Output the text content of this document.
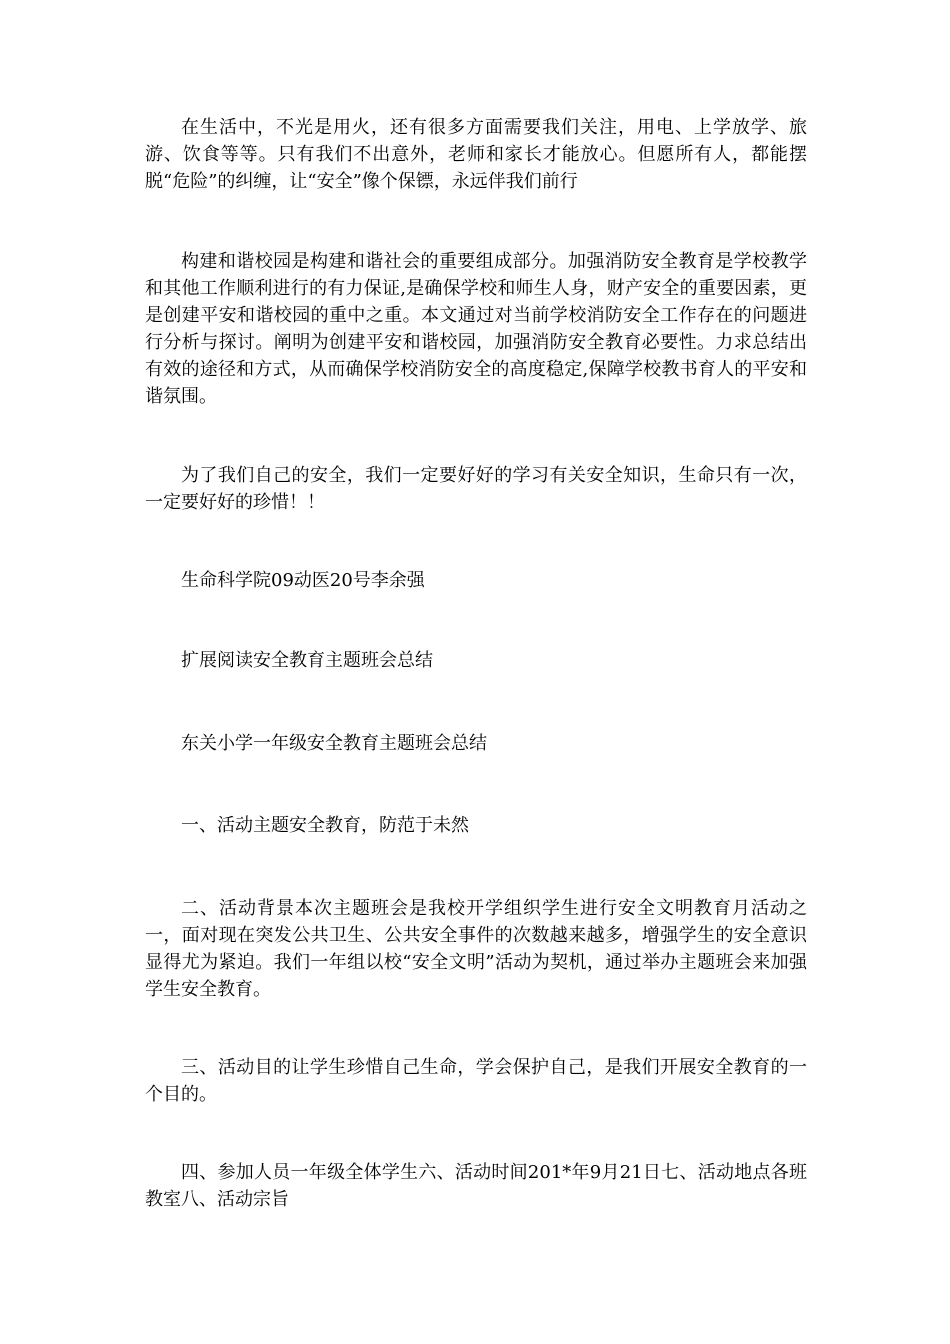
在生活中，不光是用火，还有很多方面需要我们关注，用电、上学放学、旅游、饮食等等。只有我们不出意外，老师和家长才能放心。但愿所有人，都能摆脱“危险”的纠缠，让“安全”像个保镖，永远伴我们前行

构建和谐校园是构建和谐社会的重要组成部分。加强消防安全教育是学校教学和其他工作顺利进行的有力保证,是确保学校和师生人身，财产安全的重要因素，更是创建平安和谐校园的重中之重。本文通过对当前学校消防安全工作存在的问题进行分析与探讨。阐明为创建平安和谐校园，加强消防安全教育必要性。力求总结出有效的途径和方式，从而确保学校消防安全的高度稳定,保障学校教书育人的平安和谐氛围。

为了我们自己的安全，我们一定要好好的学习有关安全知识，生命只有一次，一定要好好的珍惜！！

生命科学院09动医20号李余强

扩展阅读安全教育主题班会总结

东关小学一年级安全教育主题班会总结

一、活动主题安全教育，防范于未然

二、活动背景本次主题班会是我校开学组织学生进行安全文明教育月活动之一，面对现在突发公共卫生、公共安全事件的次数越来越多，增强学生的安全意识显得尤为紧迫。我们一年组以校“安全文明”活动为契机，通过举办主题班会来加强学生安全教育。

三、活动目的让学生珍惜自己生命，学会保护自己，是我们开展安全教育的一个目的。

四、参加人员一年级全体学生六、活动时间201*年9月21日七、活动地点各班教室八、活动宗旨
